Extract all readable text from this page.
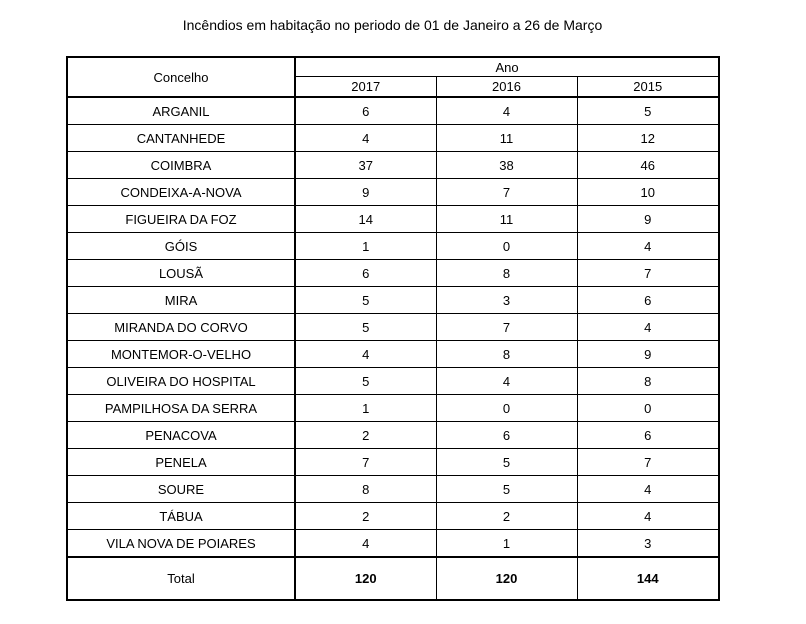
Incêndios em habitação no periodo de 01 de Janeiro a 26 de Março
Concelho	Ano		
	2017	2016	2015
ARGANIL	6	4	5
CANTANHEDE	4	11	12
COIMBRA	37	38	46
CONDEIXA-A-NOVA	9	7	10
FIGUEIRA DA FOZ	14	11	9
GÓIS	1	0	4
LOUSÃ	6	8	7
MIRA	5	3	6
MIRANDA DO CORVO	5	7	4
MONTEMOR-O-VELHO	4	8	9
OLIVEIRA DO HOSPITAL	5	4	8
PAMPILHOSA DA SERRA	1	0	0
PENACOVA	2	6	6
PENELA	7	5	7
SOURE	8	5	4
TÁBUA	2	2	4
VILA NOVA DE POIARES	4	1	3
Total	120	120	144
